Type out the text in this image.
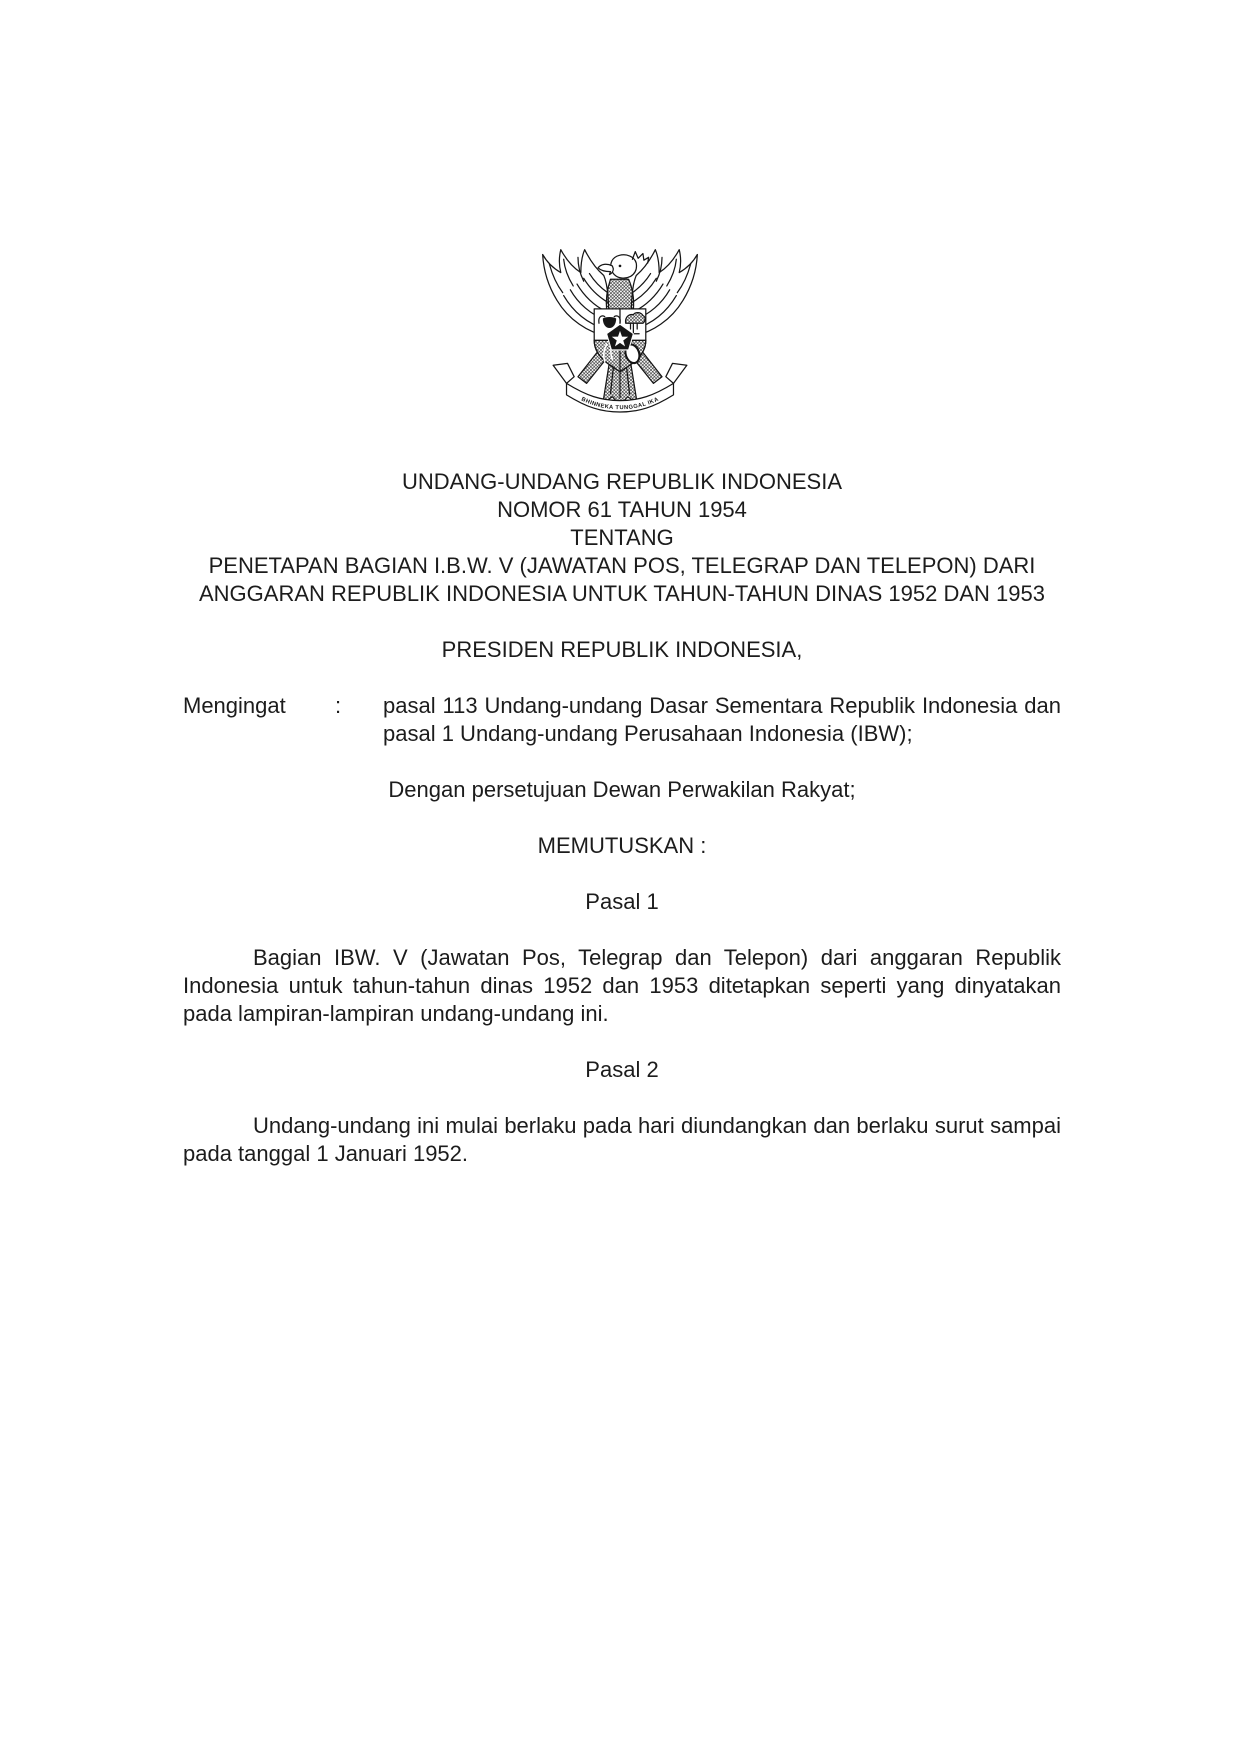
BHINNEKA TUNGGAL IKA
UNDANG-UNDANG REPUBLIK INDONESIA
NOMOR 61 TAHUN 1954
TENTANG
PENETAPAN BAGIAN I.B.W. V (JAWATAN POS, TELEGRAP DAN TELEPON) DARI
ANGGARAN REPUBLIK INDONESIA UNTUK TAHUN-TAHUN DINAS 1952 DAN 1953
PRESIDEN REPUBLIK INDONESIA,
Mengingat	:	pasal 113 Undang-undang Dasar Sementara Republik Indonesia dan pasal 1 Undang-undang Perusahaan Indonesia (IBW);
Dengan persetujuan Dewan Perwakilan Rakyat;
MEMUTUSKAN :
Pasal 1

Bagian IBW. V (Jawatan Pos, Telegrap dan Telepon) dari anggaran Republik Indonesia untuk tahun-tahun dinas 1952 dan 1953 ditetapkan seperti yang dinyatakan pada lampiran-lampiran undang-undang ini.

Pasal 2

Undang-undang ini mulai berlaku pada hari diundangkan dan berlaku surut sampai pada tanggal 1 Januari 1952.
